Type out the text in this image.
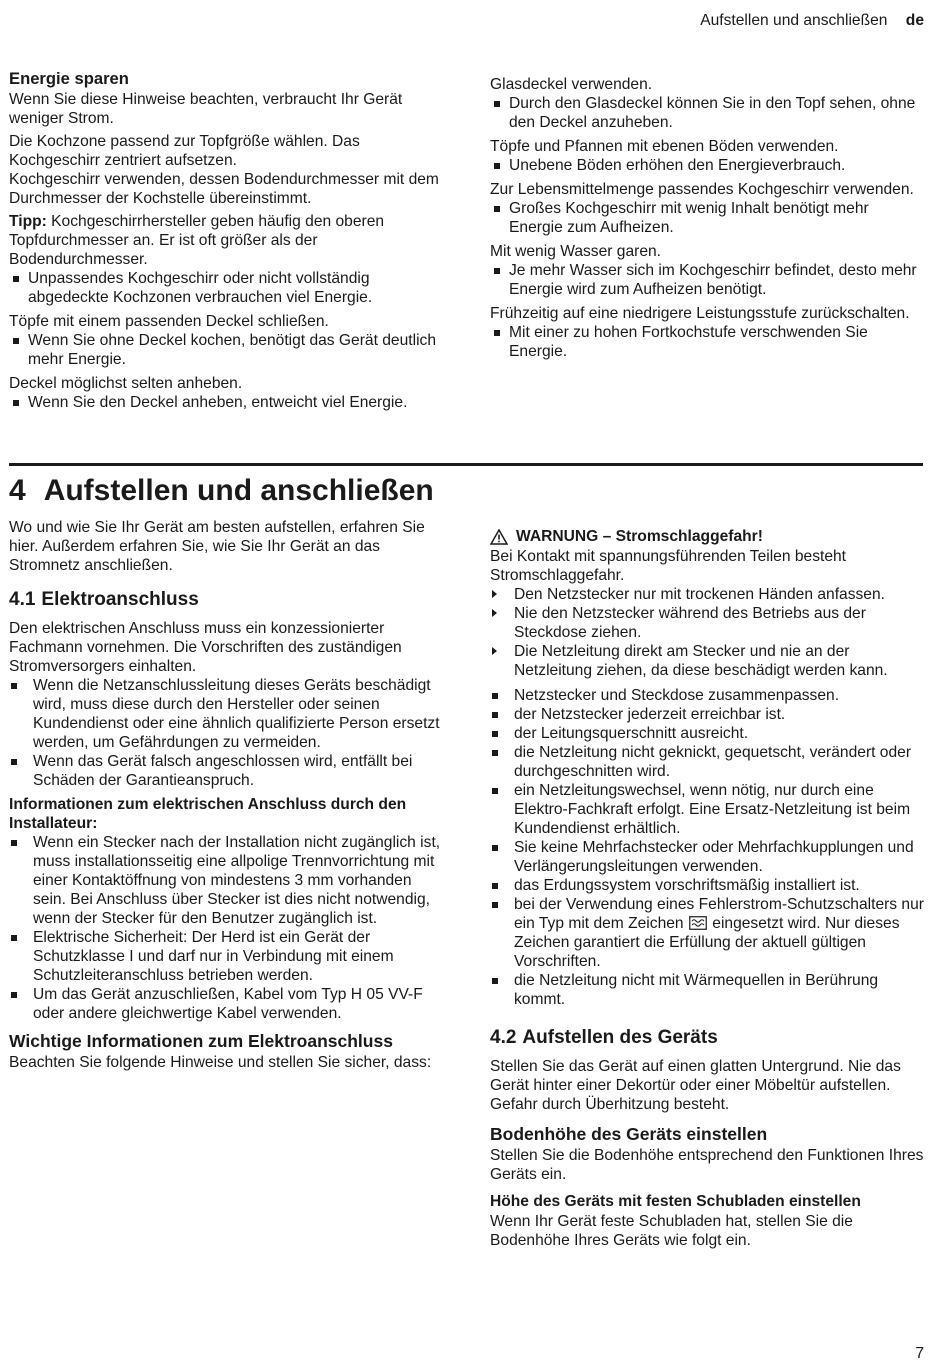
Aufstellen und anschließen de
Energie sparen

Wenn Sie diese Hinweise beachten, verbraucht Ihr Gerät weniger Strom.

Die Kochzone passend zur Topfgröße wählen. Das Kochgeschirr zentriert aufsetzen.

Kochgeschirr verwenden, dessen Bodendurchmesser mit dem Durchmesser der Kochstelle übereinstimmt.

Tipp: Kochgeschirrhersteller geben häufig den oberen Topfdurchmesser an. Er ist oft größer als der Bodendurchmesser.

Unpassendes Kochgeschirr oder nicht vollständig abgedeckte Kochzonen verbrauchen viel Energie.

Töpfe mit einem passenden Deckel schließen.

Wenn Sie ohne Deckel kochen, benötigt das Gerät deutlich mehr Energie.

Deckel möglichst selten anheben.

Wenn Sie den Deckel anheben, entweicht viel Energie.

Glasdeckel verwenden.

Durch den Glasdeckel können Sie in den Topf sehen, ohne den Deckel anzuheben.

Töpfe und Pfannen mit ebenen Böden verwenden.

Unebene Böden erhöhen den Energieverbrauch.

Zur Lebensmittelmenge passendes Kochgeschirr verwenden.

Großes Kochgeschirr mit wenig Inhalt benötigt mehr Energie zum Aufheizen.

Mit wenig Wasser garen.

Je mehr Wasser sich im Kochgeschirr befindet, desto mehr Energie wird zum Aufheizen benötigt.

Frühzeitig auf eine niedrigere Leistungsstufe zurückschalten.

Mit einer zu hohen Fortkochstufe verschwenden Sie Energie.
4 Aufstellen und anschließen

Wo und wie Sie Ihr Gerät am besten aufstellen, erfahren Sie hier. Außerdem erfahren Sie, wie Sie Ihr Gerät an das Stromnetz anschließen.

4.1 Elektroanschluss

Den elektrischen Anschluss muss ein konzessionierter Fachmann vornehmen. Die Vorschriften des zuständigen Stromversorgers einhalten.

Wenn die Netzanschlussleitung dieses Geräts beschädigt wird, muss diese durch den Hersteller oder seinen Kundendienst oder eine ähnlich qualifizierte Person ersetzt werden, um Gefährdungen zu vermeiden.
Wenn das Gerät falsch angeschlossen wird, entfällt bei Schäden der Garantieanspruch.
Informationen zum elektrischen Anschluss durch den Installateur:
Wenn ein Stecker nach der Installation nicht zugänglich ist, muss installationsseitig eine allpolige Trennvorrichtung mit einer Kontaktöffnung von mindestens 3 mm vorhanden sein. Bei Anschluss über Stecker ist dies nicht notwendig, wenn der Stecker für den Benutzer zugänglich ist.
Elektrische Sicherheit: Der Herd ist ein Gerät der Schutzklasse I und darf nur in Verbindung mit einem Schutzleiteranschluss betrieben werden.
Um das Gerät anzuschließen, Kabel vom Typ H 05 VV-F oder andere gleichwertige Kabel verwenden.
Wichtige Informationen zum Elektroanschluss

Beachten Sie folgende Hinweise und stellen Sie sicher, dass:

WARNUNG – Stromschlaggefahr!

Bei Kontakt mit spannungsführenden Teilen besteht Stromschlaggefahr.

Den Netzstecker nur mit trockenen Händen anfassen.
Nie den Netzstecker während des Betriebs aus der Steckdose ziehen.
Die Netzleitung direkt am Stecker und nie an der Netzleitung ziehen, da diese beschädigt werden kann.
Netzstecker und Steckdose zusammenpassen.
der Netzstecker jederzeit erreichbar ist.
der Leitungsquerschnitt ausreicht.
die Netzleitung nicht geknickt, gequetscht, verändert oder durchgeschnitten wird.
ein Netzleitungswechsel, wenn nötig, nur durch eine Elektro-Fachkraft erfolgt. Eine Ersatz-Netzleitung ist beim Kundendienst erhältlich.
Sie keine Mehrfachstecker oder Mehrfachkupplungen und Verlängerungsleitungen verwenden.
das Erdungssystem vorschriftsmäßig installiert ist.
bei der Verwendung eines Fehlerstrom-Schutzschalters nur ein Typ mit dem Zeichen eingesetzt wird. Nur dieses Zeichen garantiert die Erfüllung der aktuell gültigen Vorschriften.
die Netzleitung nicht mit Wärmequellen in Berührung kommt.
4.2 Aufstellen des Geräts

Stellen Sie das Gerät auf einen glatten Untergrund. Nie das Gerät hinter einer Dekortür oder einer Möbeltür aufstellen. Gefahr durch Überhitzung besteht.

Bodenhöhe des Geräts einstellen

Stellen Sie die Bodenhöhe entsprechend den Funktionen Ihres Geräts ein.

Höhe des Geräts mit festen Schubladen einstellen

Wenn Ihr Gerät feste Schubladen hat, stellen Sie die Bodenhöhe Ihres Geräts wie folgt ein.

7
